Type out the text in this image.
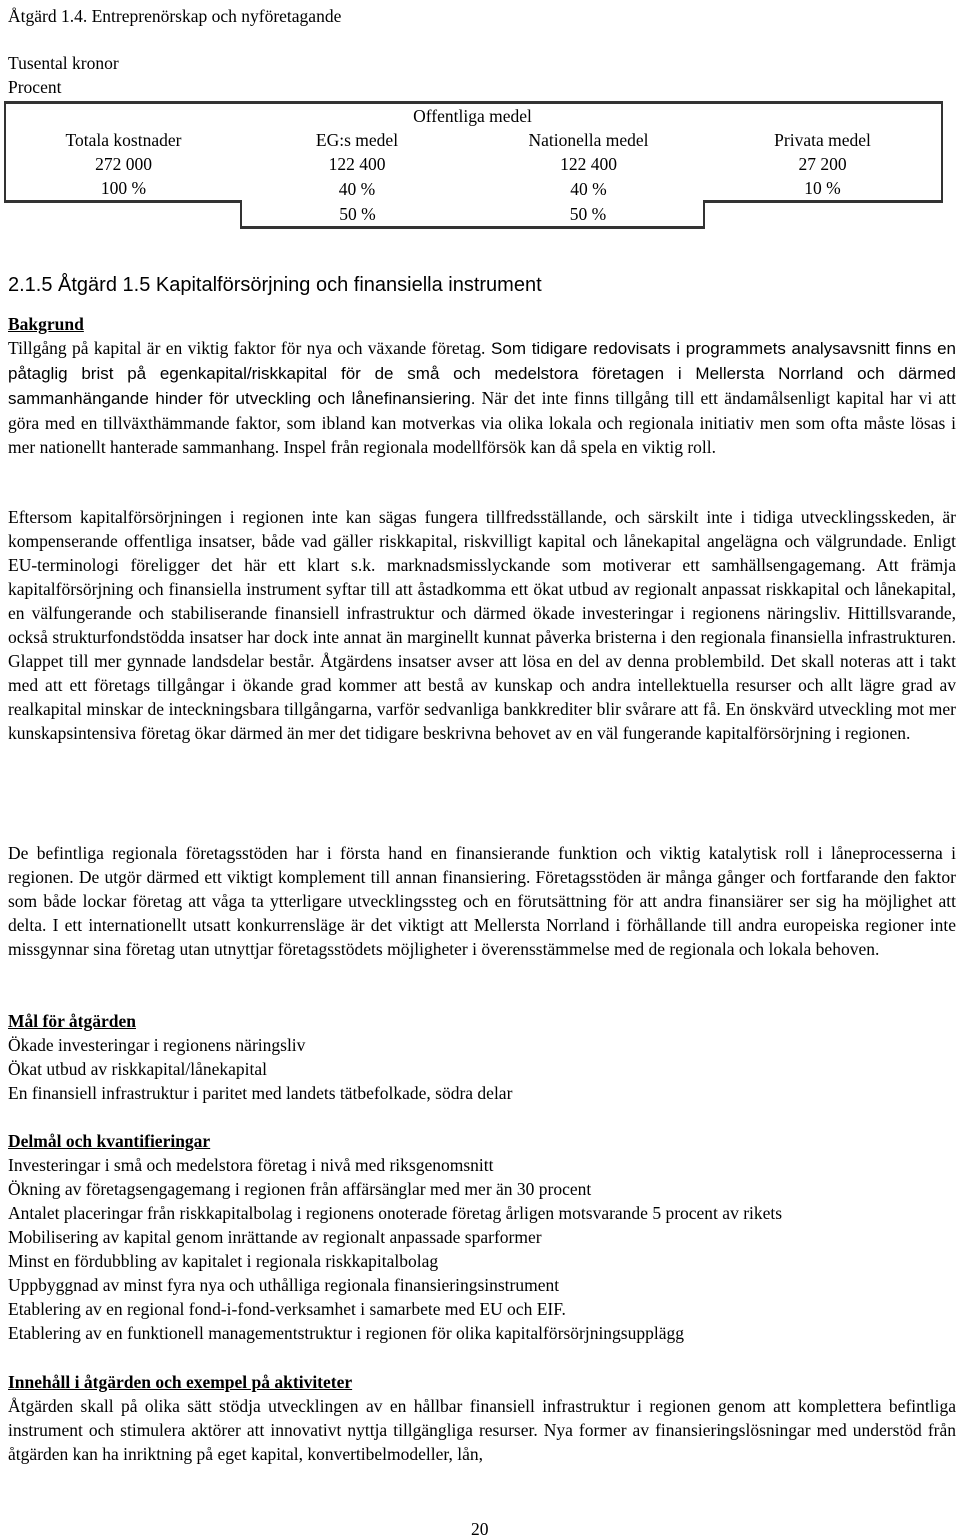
Åtgärd 1.4. Entreprenörskap och nyföretagande
Tusental kronor
Procent
	Offentliga medel		
Totala kostnader	EG:s medel	Nationella medel	Privata medel
272 000	122 400	122 400	27 200
100 %	40 %	40 %	10 %
	50 %	50 %	
2.1.5 Åtgärd 1.5 Kapitalförsörjning och finansiella instrument
Bakgrund
Tillgång på kapital är en viktig faktor för nya och växande företag. Som tidigare redovisats i programmets analysavsnitt finns en påtaglig brist på egenkapital/riskkapital för de små och medelstora företagen i Mellersta Norrland och därmed sammanhängande hinder för utveckling och lånefinansiering. När det inte finns tillgång till ett ändamålsenligt kapital har vi att göra med en tillväxthämmande faktor, som ibland kan motverkas via olika lokala och regionala initiativ men som ofta måste lösas i mer nationellt hanterade sammanhang. Inspel från regionala modellförsök kan då spela en viktig roll.
Eftersom kapitalförsörjningen i regionen inte kan sägas fungera tillfredsställande, och särskilt inte i tidiga utvecklingsskeden, är kompenserande offentliga insatser, både vad gäller riskkapital, riskvilligt kapital och lånekapital angelägna och välgrundade. Enligt EU-terminologi föreligger det här ett klart s.k. marknadsmisslyckande som motiverar ett samhällsengagemang. Att främja kapitalförsörjning och finansiella instrument syftar till att åstadkomma ett ökat utbud av regionalt anpassat riskkapital och lånekapital, en välfungerande och stabiliserande finansiell infrastruktur och därmed ökade investeringar i regionens näringsliv. Hittillsvarande, också strukturfondstödda insatser har dock inte annat än marginellt kunnat påverka bristerna i den regionala finansiella infrastrukturen. Glappet till mer gynnade landsdelar består. Åtgärdens insatser avser att lösa en del av denna problembild. Det skall noteras att i takt med att ett företags tillgångar i ökande grad kommer att bestå av kunskap och andra intellektuella resurser och allt lägre grad av realkapital minskar de inteckningsbara tillgångarna, varför sedvanliga bankkrediter blir svårare att få. En önskvärd utveckling mot mer kunskapsintensiva företag ökar därmed än mer det tidigare beskrivna behovet av en väl fungerande kapitalförsörjning i regionen.
De befintliga regionala företagsstöden har i första hand en finansierande funktion och viktig katalytisk roll i låneprocesserna i regionen. De utgör därmed ett viktigt komplement till annan finansiering. Företagsstöden är många gånger och fortfarande den faktor som både lockar företag att våga ta ytterligare utvecklingssteg och en förutsättning för att andra finansiärer ser sig ha möjlighet att delta. I ett internationellt utsatt konkurrensläge är det viktigt att Mellersta Norrland i förhållande till andra europeiska regioner inte missgynnar sina företag utan utnyttjar företagsstödets möjligheter i överensstämmelse med de regionala och lokala behoven.
Mål för åtgärden
Ökade investeringar i regionens näringsliv
Ökat utbud av riskkapital/lånekapital
En finansiell infrastruktur i paritet med landets tätbefolkade, södra delar
Delmål och kvantifieringar
Investeringar i små och medelstora företag i nivå med riksgenomsnitt
Ökning av företagsengagemang i regionen från affärsänglar med mer än 30 procent
Antalet placeringar från riskkapitalbolag i regionens onoterade företag årligen motsvarande 5 procent av rikets
Mobilisering av kapital genom inrättande av regionalt anpassade sparformer
Minst en fördubbling av kapitalet i regionala riskkapitalbolag
Uppbyggnad av minst fyra nya och uthålliga regionala finansieringsinstrument
Etablering av en regional fond-i-fond-verksamhet i samarbete med EU och EIF.
Etablering av en funktionell managementstruktur i regionen för olika kapitalförsörjningsupplägg
Innehåll i åtgärden och exempel på aktiviteter
Åtgärden skall på olika sätt stödja utvecklingen av en hållbar finansiell infrastruktur i regionen genom att komplettera befintliga instrument och stimulera aktörer att innovativt nyttja tillgängliga resurser. Nya former av finansieringslösningar med understöd från åtgärden kan ha inriktning på eget kapital, konvertibelmodeller, lån,
20
